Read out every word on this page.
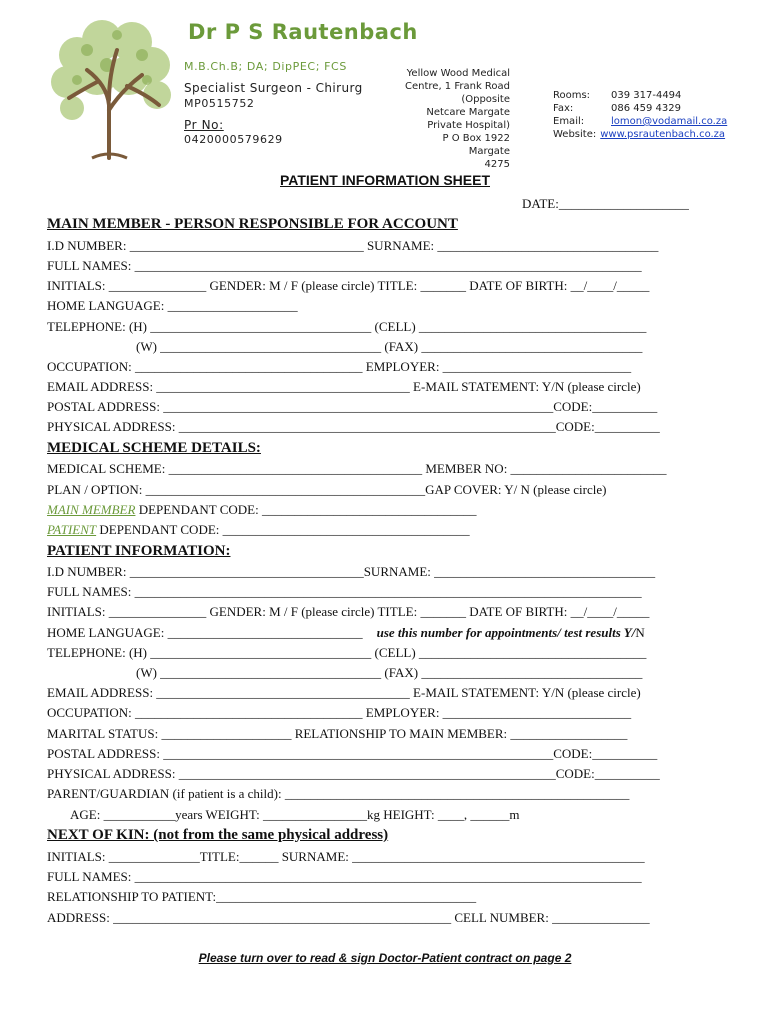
Dr P S Rautenbach
M.B.Ch.B; DA; DipPEC; FCS
Specialist Surgeon - Chirurg
MP0515752
Pr No:
0420000579629
Yellow Wood Medical
Centre, 1 Frank Road
(Opposite
Netcare Margate
Private Hospital)
P O Box 1922
Margate
4275
Rooms:	039 317-4494
Fax:	086 459 4329
Email:	lomon@vodamail.co.za
Website: www.psrautenbach.co.za
PATIENT INFORMATION SHEET
DATE:____________________
MAIN MEMBER - PERSON RESPONSIBLE FOR ACCOUNT
I.D NUMBER: ____________________________________ SURNAME: __________________________________
FULL NAMES: ______________________________________________________________________________
INITIALS: _______________ GENDER: M / F (please circle) TITLE: _______ DATE OF BIRTH: __/____/_____
HOME LANGUAGE: ____________________
TELEPHONE: (H) __________________________________ (CELL) ___________________________________
(W) __________________________________ (FAX) __________________________________
OCCUPATION: ___________________________________ EMPLOYER: _____________________________
EMAIL ADDRESS: _______________________________________ E-MAIL STATEMENT: Y/N (please circle)
POSTAL ADDRESS: ____________________________________________________________CODE:__________
PHYSICAL ADDRESS: __________________________________________________________CODE:__________
MEDICAL SCHEME DETAILS:
MEDICAL SCHEME: _______________________________________ MEMBER NO: ________________________
PLAN / OPTION: ___________________________________________GAP COVER: Y/ N (please circle)
MAIN MEMBER DEPENDANT CODE: _________________________________
PATIENT DEPENDANT CODE: ______________________________________
PATIENT INFORMATION:
I.D NUMBER: ____________________________________SURNAME: __________________________________
FULL NAMES: ______________________________________________________________________________
INITIALS: _______________ GENDER: M / F (please circle) TITLE: _______ DATE OF BIRTH: __/____/_____
HOME LANGUAGE: ______________________________ use this number for appointments/ test results Y/N
TELEPHONE: (H) __________________________________ (CELL) ___________________________________
(W) __________________________________ (FAX) __________________________________
EMAIL ADDRESS: _______________________________________ E-MAIL STATEMENT: Y/N (please circle)
OCCUPATION: ___________________________________ EMPLOYER: _____________________________
MARITAL STATUS: ____________________ RELATIONSHIP TO MAIN MEMBER: __________________
POSTAL ADDRESS: ____________________________________________________________CODE:__________
PHYSICAL ADDRESS: __________________________________________________________CODE:__________
PARENT/GUARDIAN (if patient is a child): _____________________________________________________
AGE: ___________years WEIGHT: ________________kg HEIGHT: ____, ______m
NEXT OF KIN: (not from the same physical address)
INITIALS: ______________TITLE:______ SURNAME: _____________________________________________
FULL NAMES: ______________________________________________________________________________
RELATIONSHIP TO PATIENT:________________________________________
ADDRESS: ____________________________________________________ CELL NUMBER: _______________
Please turn over to read & sign Doctor-Patient contract on page 2
